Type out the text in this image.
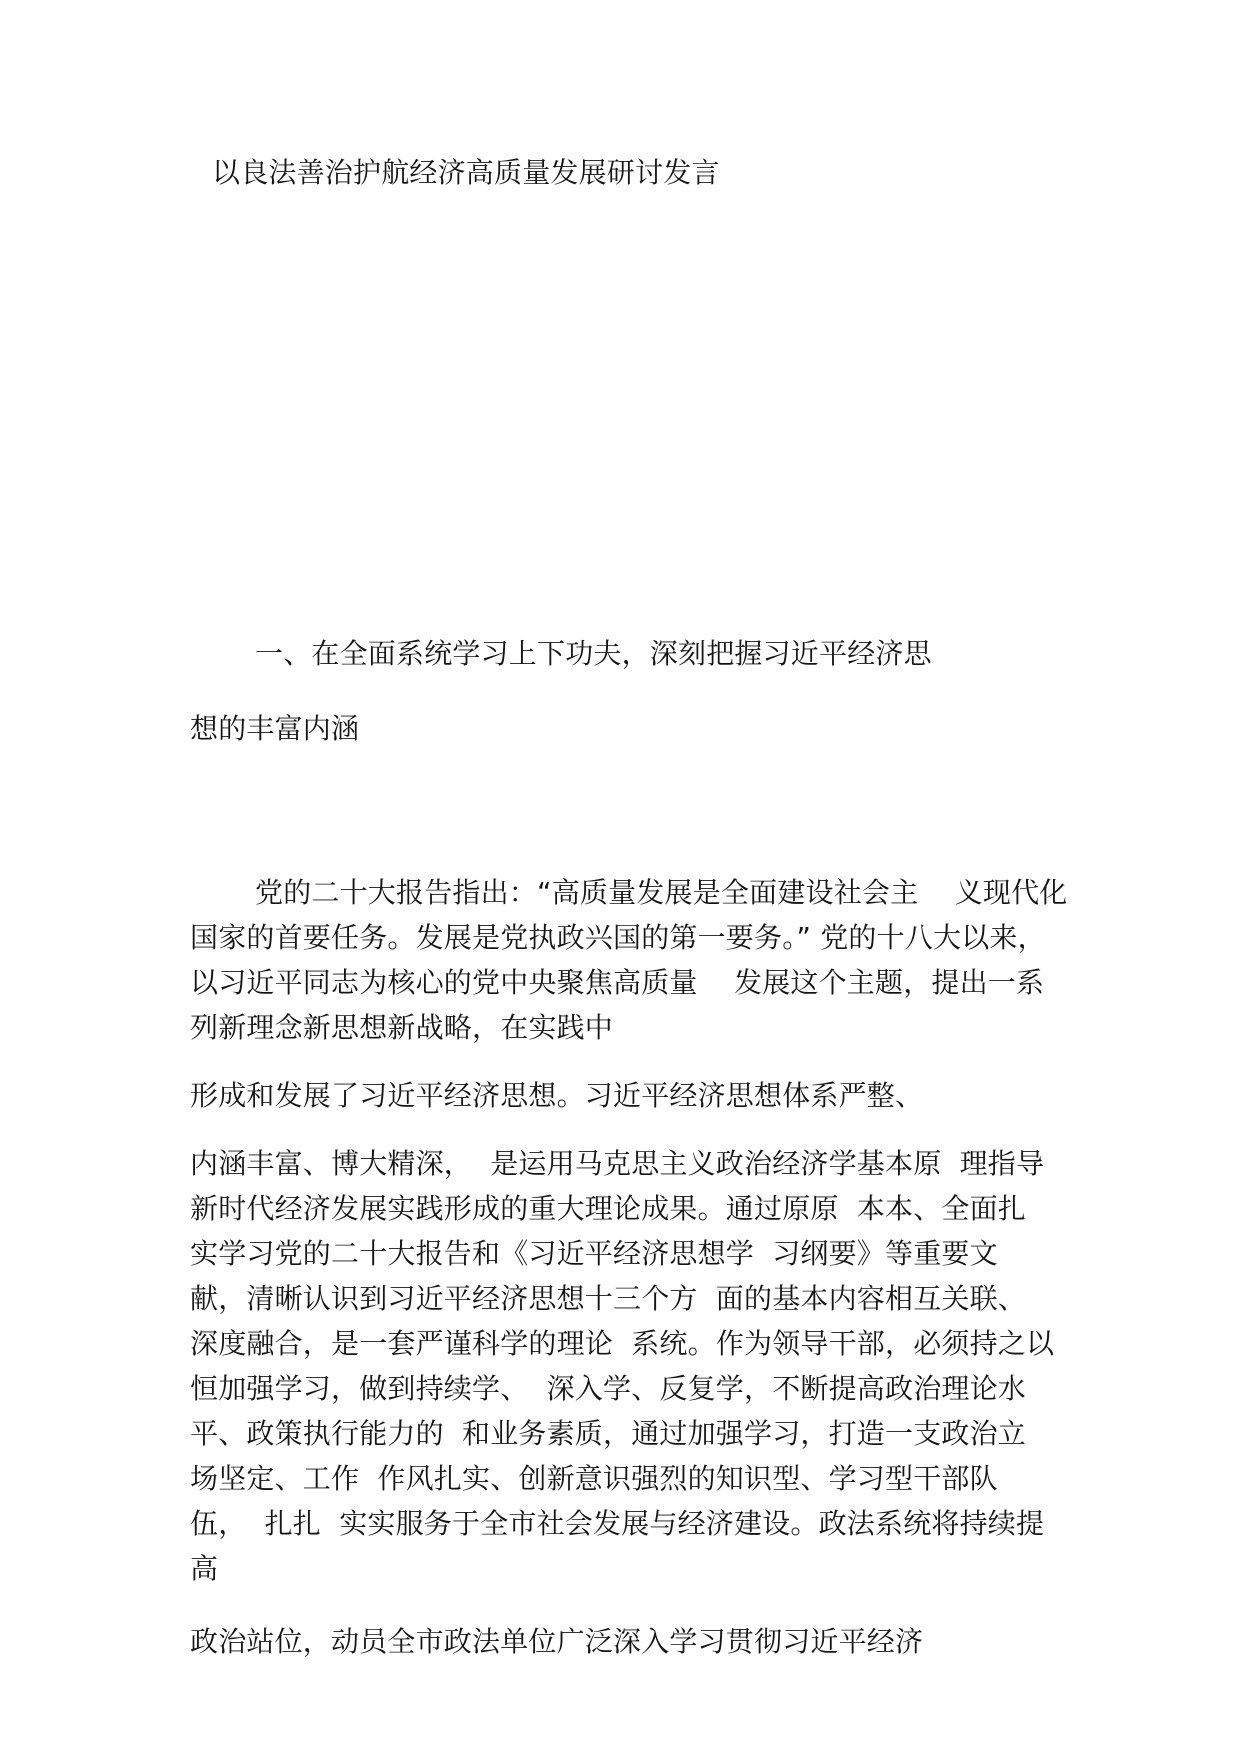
以良法善治护航经济高质量发展研讨发言
一、在全面系统学习上下功夫，深刻把握习近平经济思
想的丰富内涵
党的二十大报告指出：“高质量发展是全面建设社会主    义现代化
国家的首要任务。发展是党执政兴国的第一要务。” 党的十八大以来，
以习近平同志为核心的党中央聚焦高质量    发展这个主题，提出一系
列新理念新思想新战略，在实践中
形成和发展了习近平经济思想。习近平经济思想体系严整、
内涵丰富、博大精深，  是运用马克思主义政治经济学基本原  理指导
新时代经济发展实践形成的重大理论成果。通过原原  本本、全面扎
实学习党的二十大报告和《习近平经济思想学  习纲要》等重要文
献，清晰认识到习近平经济思想十三个方  面的基本内容相互关联、
深度融合，是一套严谨科学的理论  系统。作为领导干部，必须持之以
恒加强学习，做到持续学、  深入学、反复学，不断提高政治理论水
平、政策执行能力的  和业务素质，通过加强学习，打造一支政治立
场坚定、工作  作风扎实、创新意识强烈的知识型、学习型干部队
伍，  扎扎  实实服务于全市社会发展与经济建设。政法系统将持续提
高
政治站位，动员全市政法单位广泛深入学习贯彻习近平经济
